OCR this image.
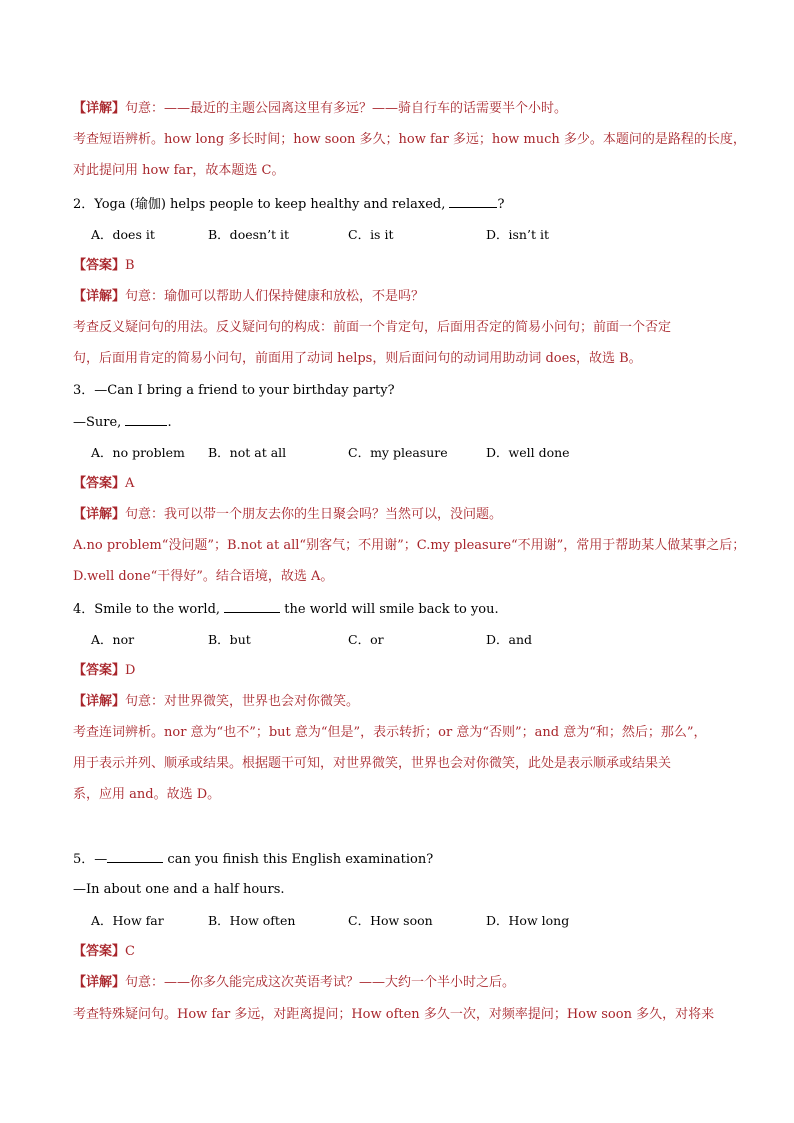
【详解】句意：——最近的主题公园离这里有多远？——骑自行车的话需要半个小时。
考查短语辨析。how long 多长时间；how soon 多久；how far 多远；how much 多少。本题问的是路程的长度，
对此提问用 how far，故本题选 C。
2．Yoga (瑜伽) helps people to keep healthy and relaxed,	?
A．does it	B．doesn’t it	C．is it	D．isn’t it
【答案】B
【详解】句意：瑜伽可以帮助人们保持健康和放松，不是吗？
考查反义疑问句的用法。反义疑问句的构成：前面一个肯定句，后面用否定的简易小问句；前面一个否定
句，后面用肯定的简易小问句，前面用了动词 helps，则后面问句的动词用助动词 does，故选 B。
3．—Can I bring a friend to your birthday party?
—Sure,	.
A．no problem B．not at all	C．my pleasure	D．well done
【答案】A
【详解】句意：我可以带一个朋友去你的生日聚会吗？当然可以，没问题。
A.no problem“没问题”；B.not at all“别客气；不用谢”；C.my pleasure“不用谢”，常用于帮助某人做某事之后；
D.well done“干得好”。结合语境，故选 A。
4．Smile to the world,	the world will smile back to you.
A．nor	B．but	C．or	D．and
【答案】D
【详解】句意：对世界微笑，世界也会对你微笑。
考查连词辨析。nor 意为“也不”；but 意为“但是”，表示转折；or 意为“否则”；and 意为“和；然后；那么”，
用于表示并列、顺承或结果。根据题干可知，对世界微笑，世界也会对你微笑，此处是表示顺承或结果关
系，应用 and。故选 D。
5．—	can you finish this English examination?
—In about one and a half hours.
A．How far	B．How often	C．How soon	D．How long
【答案】C
【详解】句意：——你多久能完成这次英语考试？——大约一个半小时之后。
考查特殊疑问句。How far 多远，对距离提问；How often 多久一次，对频率提问；How soon 多久，对将来
